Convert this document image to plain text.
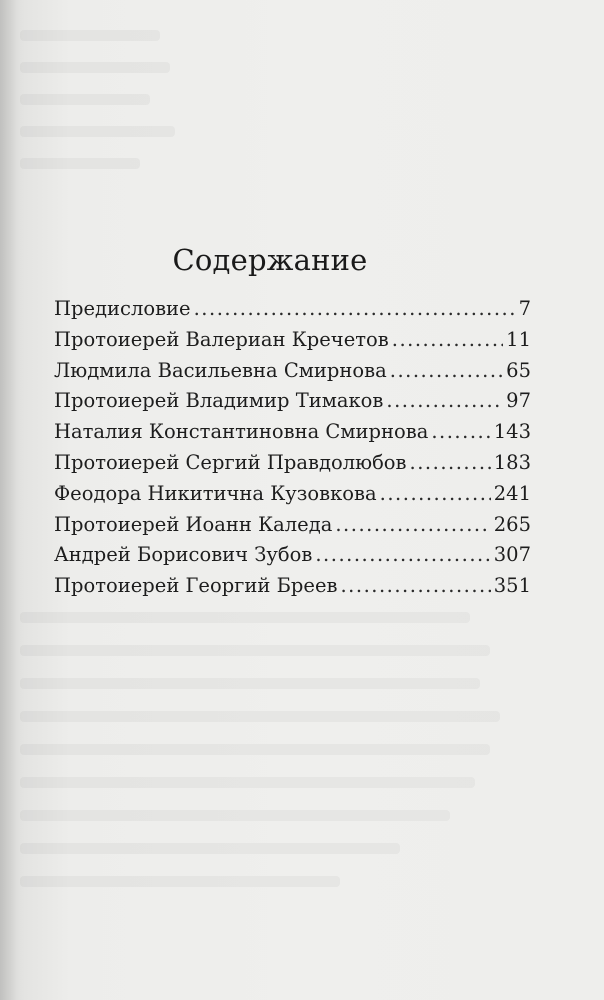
Содержание
Предисловие .....	7
Протоиерей Валериан Кречетов .....	11
Людмила Васильевна Смирнова .....	65
Протоиерей Владимир Тимаков .....	97
Наталия Константиновна Смирнова .....	143
Протоиерей Сергий Правдолюбов .....	183
Феодора Никитична Кузовкова .....	241
Протоиерей Иоанн Каледа .....	265
Андрей Борисович Зубов .....	307
Протоиерей Георгий Бреев .....	351
